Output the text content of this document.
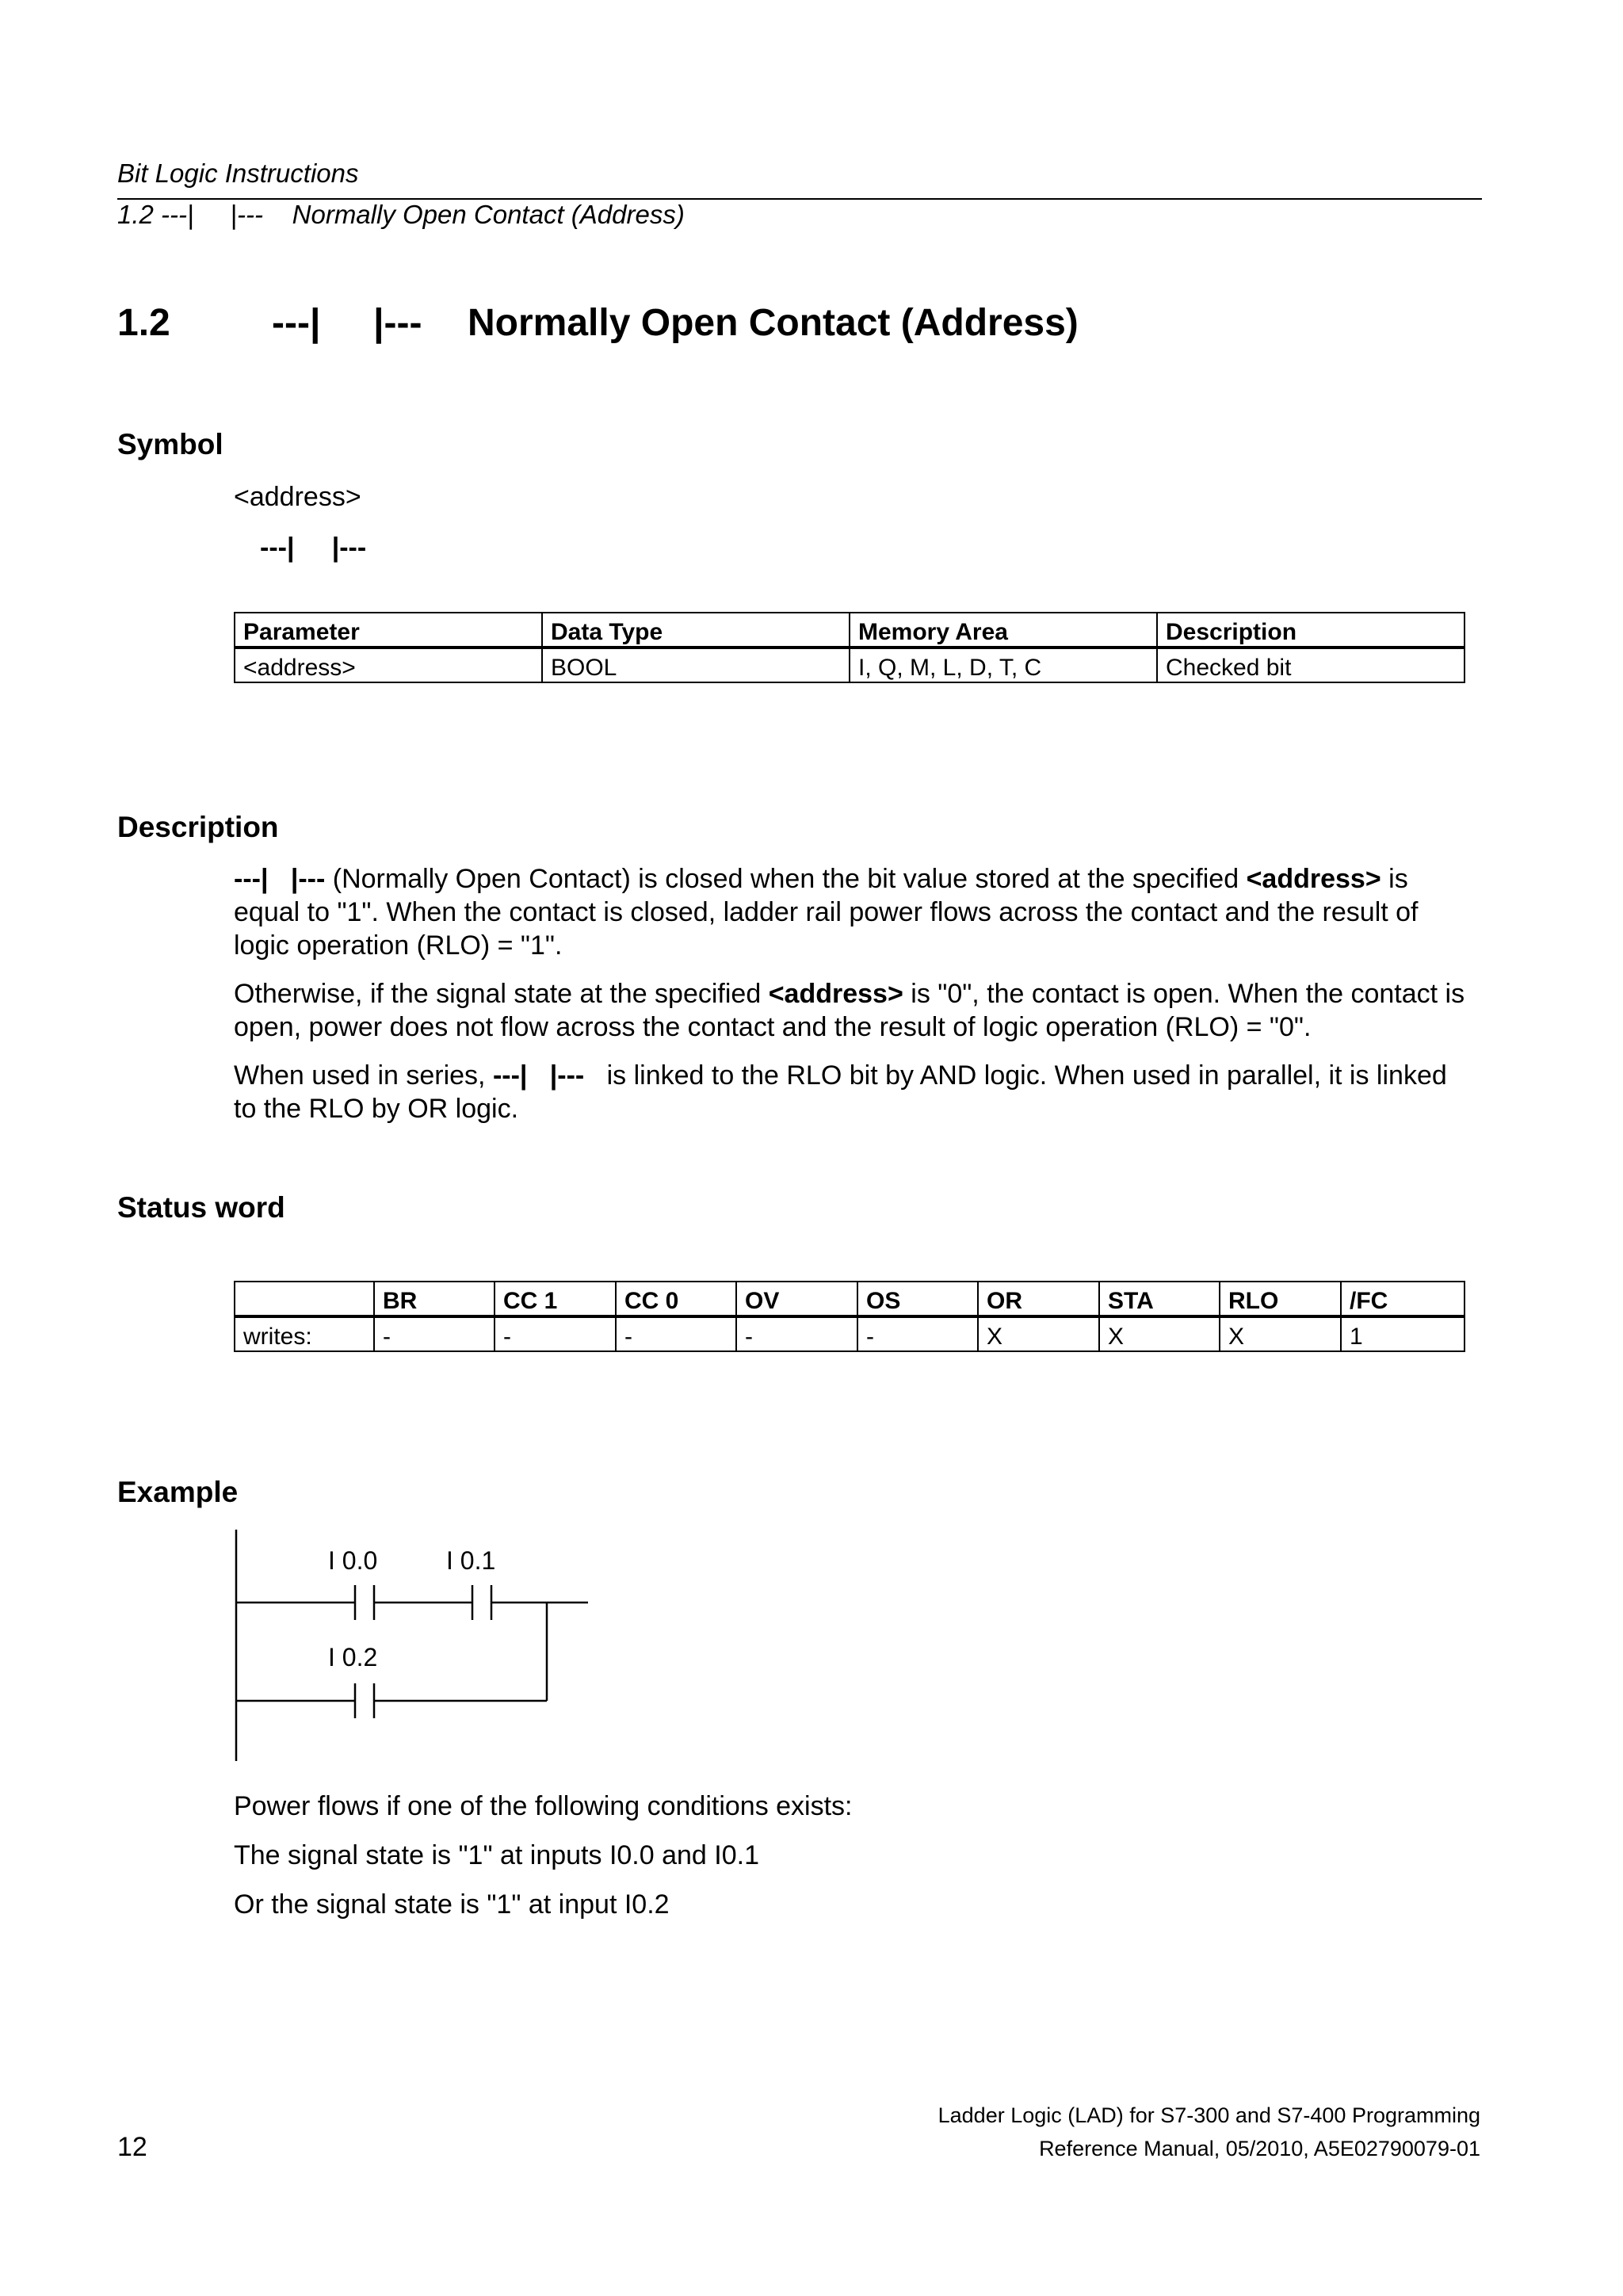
Bit Logic Instructions
1.2 ---|     |---    Normally Open Contact (Address)
1.2	---|     |--- Normally Open Contact (Address)
Symbol
<address>
---|     |---
Parameter	Data Type	Memory Area	Description
<address>	BOOL	I, Q, M, L, D, T, C	Checked bit
Description
---|   |--- (Normally Open Contact) is closed when the bit value stored at the specified <address> is equal to "1". When the contact is closed, ladder rail power flows across the contact and the result of logic operation (RLO) = "1".
Otherwise, if the signal state at the specified <address> is "0", the contact is open. When the contact is open, power does not flow across the contact and the result of logic operation (RLO) = "0".
When used in series, ---|   |---   is linked to the RLO bit by AND logic. When used in parallel, it is linked to the RLO by OR logic.
Status word
	BR	CC 1	CC 0	OV	OS	OR	STA	RLO	/FC
writes:	-	-	-	-	-	X	X	X	1
Example
I 0.0	I 0.1
I 0.2
Power flows if one of the following conditions exists:
The signal state is "1" at inputs I0.0 and I0.1
Or the signal state is "1" at input I0.2
12
Ladder Logic (LAD) for S7-300 and S7-400 Programming
Reference Manual, 05/2010, A5E02790079-01
